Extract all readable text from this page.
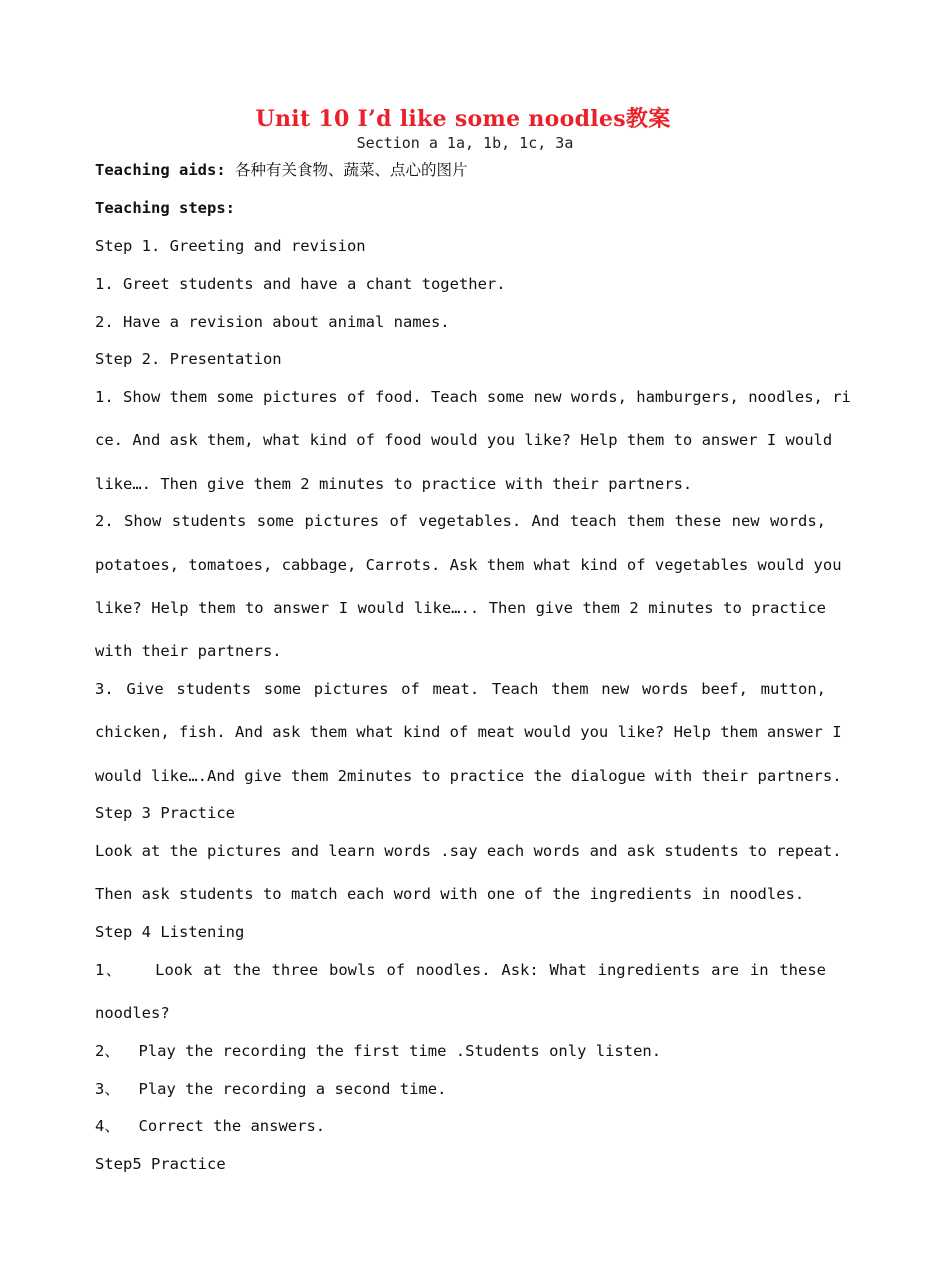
Unit 10 I’d like some noodles教案
Section a 1a, 1b, 1c, 3a
Teaching aids: 各种有关食物、蔬菜、点心的图片
Teaching steps:
Step 1. Greeting and revision
1. Greet students and have a chant together.
2. Have a revision about animal names.
Step 2. Presentation
1. Show them some pictures of food. Teach some new words, hamburgers, noodles, ri
ce. And ask them, what kind of food would you like? Help them to answer I would
like…. Then give them 2 minutes to practice with their partners.
2. Show students some pictures of vegetables. And teach them these new words,
potatoes, tomatoes, cabbage, Carrots. Ask them what kind of vegetables would you
like? Help them to answer I would like….. Then give them 2 minutes to practice
with their partners.
3. Give students some pictures of meat. Teach them new words beef, mutton,
chicken, fish. And ask them what kind of meat would you like? Help them answer I
would like….And give them 2minutes to practice the dialogue with their partners.
Step 3 Practice
Look at the pictures and learn words .say each words and ask students to repeat.
Then ask students to match each word with one of the ingredients in noodles.
Step 4 Listening
1、   Look at the three bowls of noodles. Ask: What ingredients are in these
noodles?
2、  Play the recording the first time .Students only listen.
3、  Play the recording a second time.
4、  Correct the answers.
Step5 Practice
